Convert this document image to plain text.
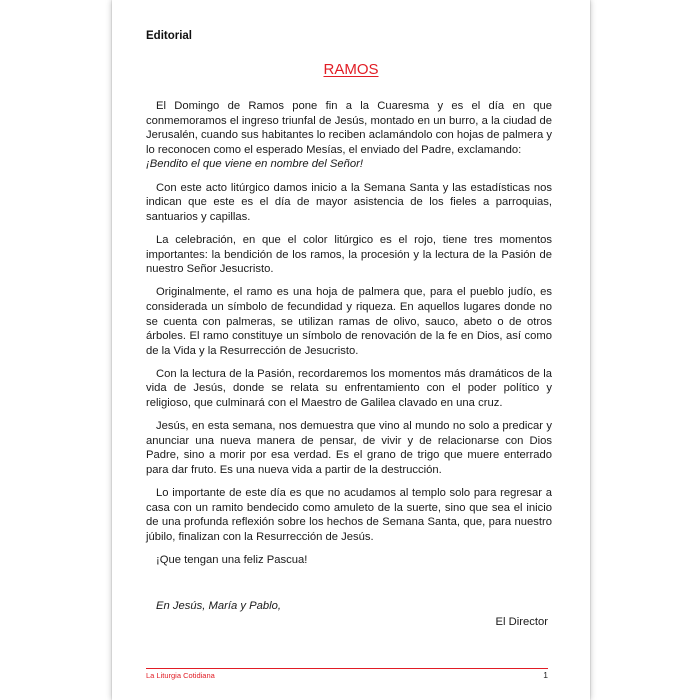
Editorial
RAMOS

El Domingo de Ramos pone fin a la Cuaresma y es el día en que conmemoramos el ingreso triunfal de Jesús, montado en un burro, a la ciudad de Jerusalén, cuando sus habitantes lo reciben aclamándolo con hojas de palmera y lo reconocen como el esperado Mesías, el enviado del Padre, exclamando:
¡Bendito el que viene en nombre del Señor!

Con este acto litúrgico damos inicio a la Semana Santa y las estadísticas nos indican que este es el día de mayor asistencia de los fieles a parroquias, santuarios y capillas.

La celebración, en que el color litúrgico es el rojo, tiene tres momentos importantes: la bendición de los ramos, la procesión y la lectura de la Pasión de nuestro Señor Jesucristo.

Originalmente, el ramo es una hoja de palmera que, para el pueblo judío, es considerada un símbolo de fecundidad y riqueza. En aquellos lugares donde no se cuenta con palmeras, se utilizan ramas de olivo, sauco, abeto o de otros árboles. El ramo constituye un símbolo de renovación de la fe en Dios, así como de la Vida y la Resurrección de Jesucristo.

Con la lectura de la Pasión, recordaremos los momentos más dramáticos de la vida de Jesús, donde se relata su enfrentamiento con el poder político y religioso, que culminará con el Maestro de Galilea clavado en una cruz.

Jesús, en esta semana, nos demuestra que vino al mundo no solo a predicar y anunciar una nueva manera de pensar, de vivir y de relacionarse con Dios Padre, sino a morir por esa verdad. Es el grano de trigo que muere enterrado para dar fruto. Es una nueva vida a partir de la destrucción.

Lo importante de este día es que no acudamos al templo solo para regresar a casa con un ramito bendecido como amuleto de la suerte, sino que sea el inicio de una profunda reflexión sobre los hechos de Semana Santa, que, para nuestro júbilo, finalizan con la Resurrección de Jesús.

¡Que tengan una feliz Pascua!

En Jesús, María y Pablo,
El Director
La Liturgia Cotidiana	1
